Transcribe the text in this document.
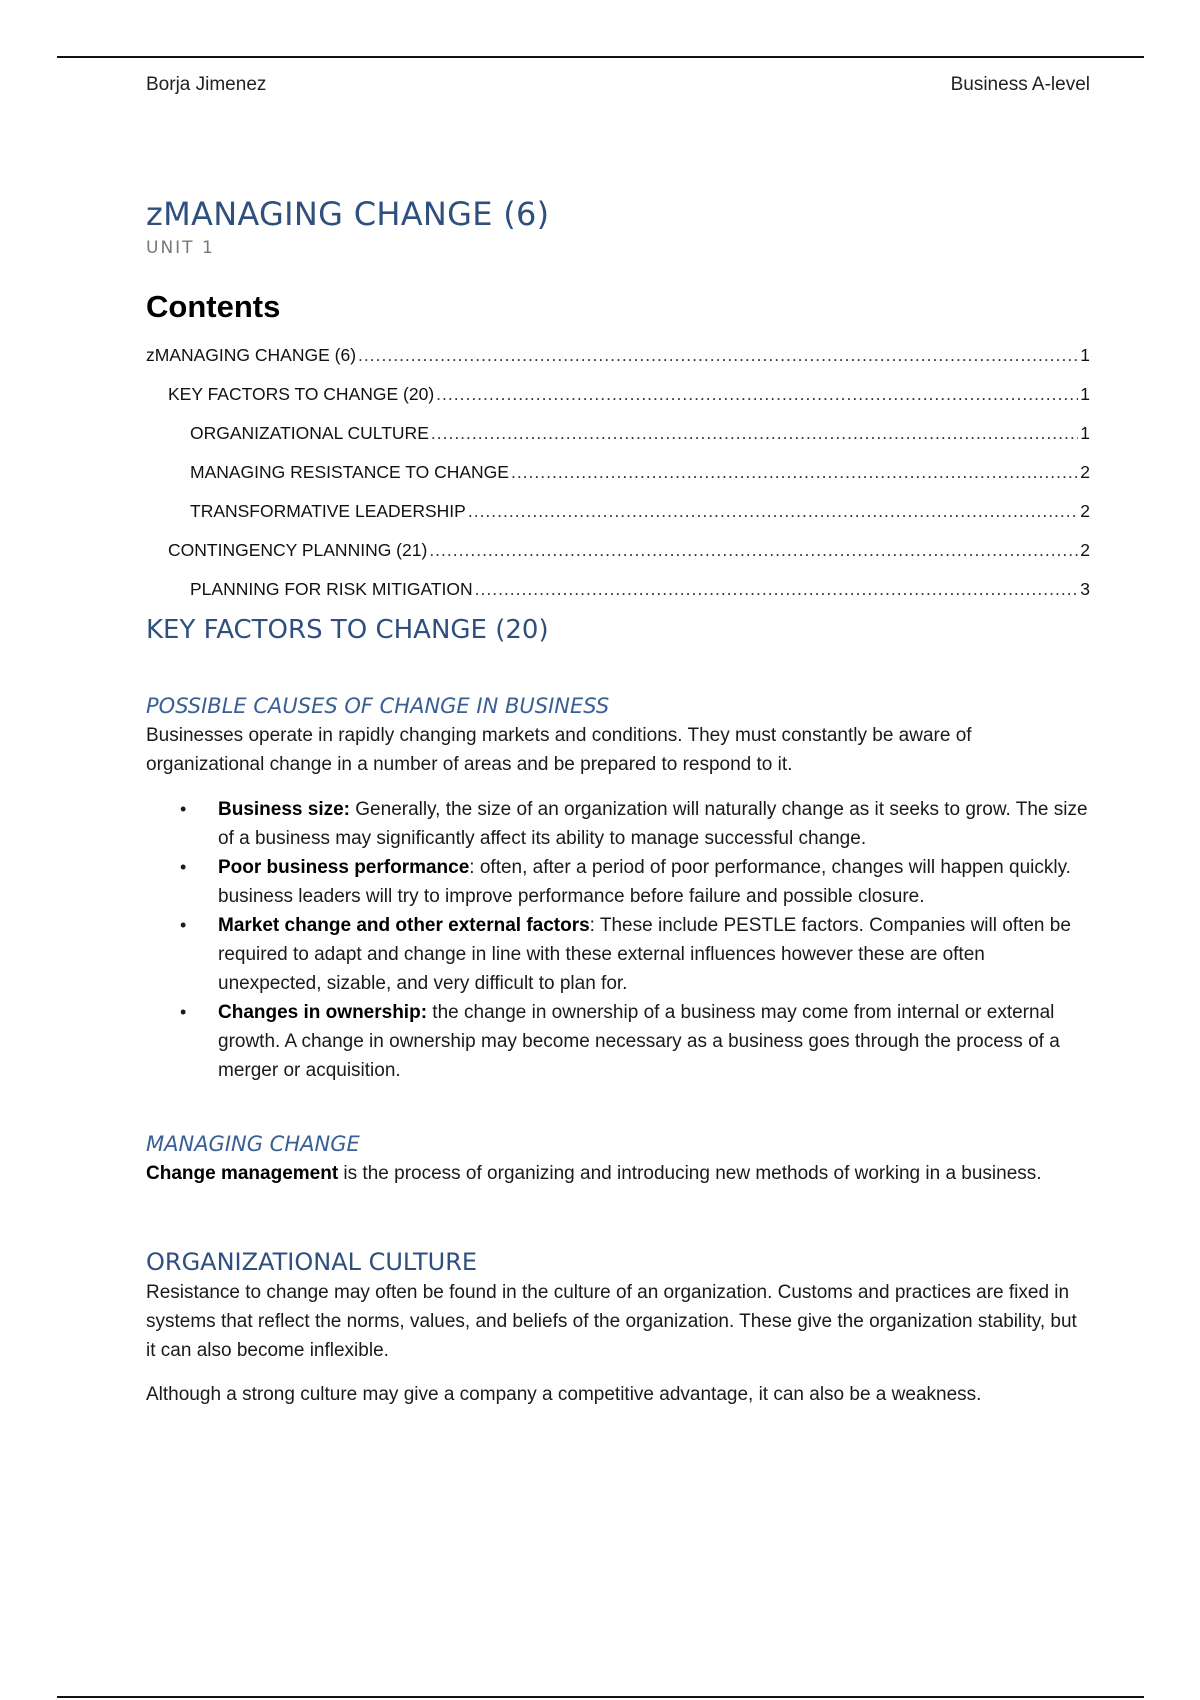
Borja Jimenez	Business A-level
zMANAGING CHANGE (6)
UNIT 1
Contents
zMANAGING CHANGE (6) .....	1
KEY FACTORS TO CHANGE (20) .....	1
ORGANIZATIONAL CULTURE .....	1
MANAGING RESISTANCE TO CHANGE .....	2
TRANSFORMATIVE LEADERSHIP .....	2
CONTINGENCY PLANNING (21) .....	2
PLANNING FOR RISK MITIGATION .....	3
KEY FACTORS TO CHANGE (20)
POSSIBLE CAUSES OF CHANGE IN BUSINESS

Businesses operate in rapidly changing markets and conditions. They must constantly be aware of organizational change in a number of areas and be prepared to respond to it.

• Business size: Generally, the size of an organization will naturally change as it seeks to grow. The size of a business may significantly affect its ability to manage successful change.
• Poor business performance: often, after a period of poor performance, changes will happen quickly. business leaders will try to improve performance before failure and possible closure.
• Market change and other external factors: These include PESTLE factors. Companies will often be required to adapt and change in line with these external influences however these are often unexpected, sizable, and very difficult to plan for.
• Changes in ownership: the change in ownership of a business may come from internal or external growth. A change in ownership may become necessary as a business goes through the process of a merger or acquisition.
MANAGING CHANGE

Change management is the process of organizing and introducing new methods of working in a business.

ORGANIZATIONAL CULTURE

Resistance to change may often be found in the culture of an organization. Customs and practices are fixed in systems that reflect the norms, values, and beliefs of the organization. These give the organization stability, but it can also become inflexible.

Although a strong culture may give a company a competitive advantage, it can also be a weakness.
